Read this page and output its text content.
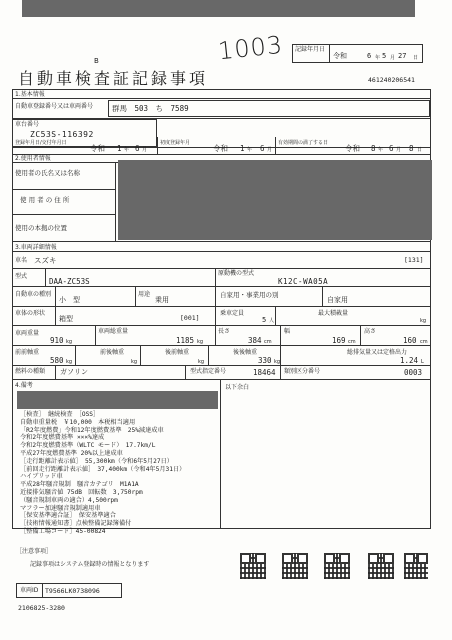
1003
B
記録年月日
令和	6 年 5 月 27 日
自動車検査証記録事項	461240206541
1.基本情報
自動車登録番号又は車両番号	群馬　503　ち　7589
車台番号
ZC53S-116392
登録年月日/交付年月日
令和 1 年 6 月
初度登録年月
令和 1 年 6 月
有効期間の満了する日
令和 8 年 6 月 8 日
2.使用者情報
使用者の氏名又は名称
使 用 者 の 住 所
使用の本拠の位置
3.車両詳細情報
車名 スズキ	[131]
型式
DAA-ZC53S
原動機の型式
K12C-WA05A
自動車の種別
小　型
用途
乗用
自家用・事業用の別
自家用
車体の形状
箱型	[001]
乗車定員
5 人
最大積載量
kg
車両重量
910 kg
車両総重量
1185 kg
長さ
384 cm
幅
169 cm
高さ
160 cm
前前軸重
580 kg
前後軸重
kg
後前軸重
kg
後後軸重
330 kg
総排気量又は定格出力
1.24 L
燃料の種類 ガソリン	型式指定番号	18464 類別区分番号	0003
4.備考	以下余白
［検査］　継続検査　［OSS］
自動車重量税　￥10,000　本税相当適用
「R2年度燃費」令和12年度燃費基準　25%減達成車
令和2年度燃費基準 ×××%達成
令和2年度燃費基準（WLTC モード）　17.7km/L
平成27年度燃費基準 20%以上達成車
［走行距離計表示値］　55,300km（令和6年5月27日）
［前回走行距離計表示値］　37,400km（令和4年5月31日）
ハイブリッド車
平成28年騒音規制　騒音カテゴリ　M1A1A
近接排気騒音値 75dB　回転数　3,750rpm
（騒音規制車両の適合）4,500rpm
マフラー加速騒音規制適用車
［保安基準適合証］　保安基準適合
［技術情報通知書］点検整備記録簿備付
［整備工場コード］45-00824
［注意事項］
記録事項はシステム登録時の情報となります
車両ID T9566LK0738096
2106825-3280
